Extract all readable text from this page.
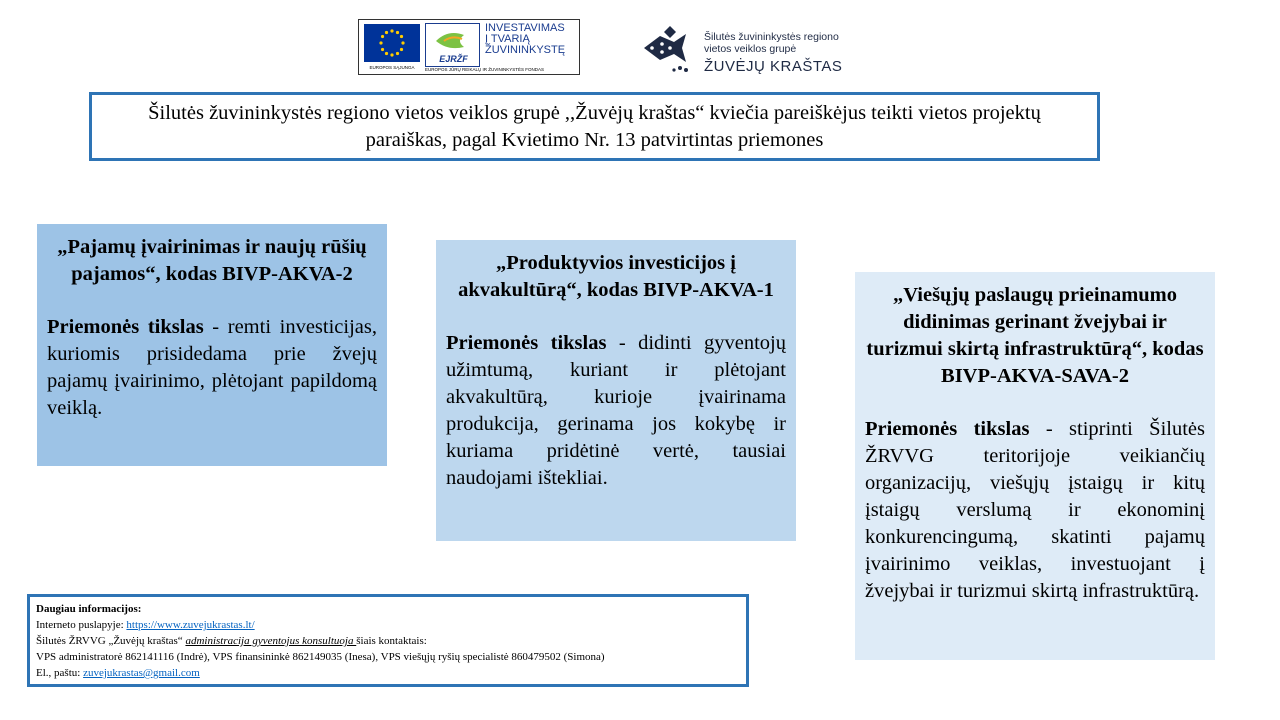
EUROPOS SĄJUNGA
EJRŽF
EUROPOS JŪRŲ REIKALŲ IR ŽUVININKYSTĖS FONDAS
INVESTAVIMAS
Į TVARIĄ
ŽUVININKYSTĘ
Šilutės žuvininkystės regiono
vietos veiklos grupė
ŽUVĖJŲ KRAŠTAS
Šilutės žuvininkystės regiono vietos veiklos grupė ,,Žuvėjų kraštas“ kviečia pareiškėjus teikti vietos projektų paraiškas, pagal Kvietimo Nr. 13 patvirtintas priemones
„Pajamų įvairinimas ir naujų rūšių pajamos“, kodas BIVP-AKVA-2
Priemonės tikslas - remti investicijas, kuriomis prisidedama prie žvejų pajamų įvairinimo, plėtojant papildomą veiklą.
„Produktyvios investicijos į akvakultūrą“, kodas BIVP-AKVA-1
Priemonės tikslas - didinti gyventojų užimtumą, kuriant ir plėtojant akvakultūrą, kurioje įvairinama produkcija, gerinama jos kokybę ir kuriama pridėtinė vertė, tausiai naudojami ištekliai.
„Viešųjų paslaugų prieinamumo didinimas gerinant žvejybai ir turizmui skirtą infrastruktūrą“, kodas BIVP-AKVA-SAVA-2
Priemonės tikslas - stiprinti Šilutės ŽRVVG teritorijoje veikiančių organizacijų, viešųjų įstaigų ir kitų įstaigų verslumą ir ekonominį konkurencingumą, skatinti pajamų įvairinimo veiklas, investuojant į žvejybai ir turizmui skirtą infrastruktūrą.
Daugiau informacijos:
Interneto puslapyje: https://www.zuvejukrastas.lt/
Šilutės ŽRVVG „Žuvėjų kraštas“ administracija gyventojus konsultuoja šiais kontaktais:
VPS administratorė 862141116 (Indrė), VPS finansininkė 862149035 (Inesa), VPS viešųjų ryšių specialistė 860479502 (Simona)
El., paštu: zuvejukrastas@gmail.com
